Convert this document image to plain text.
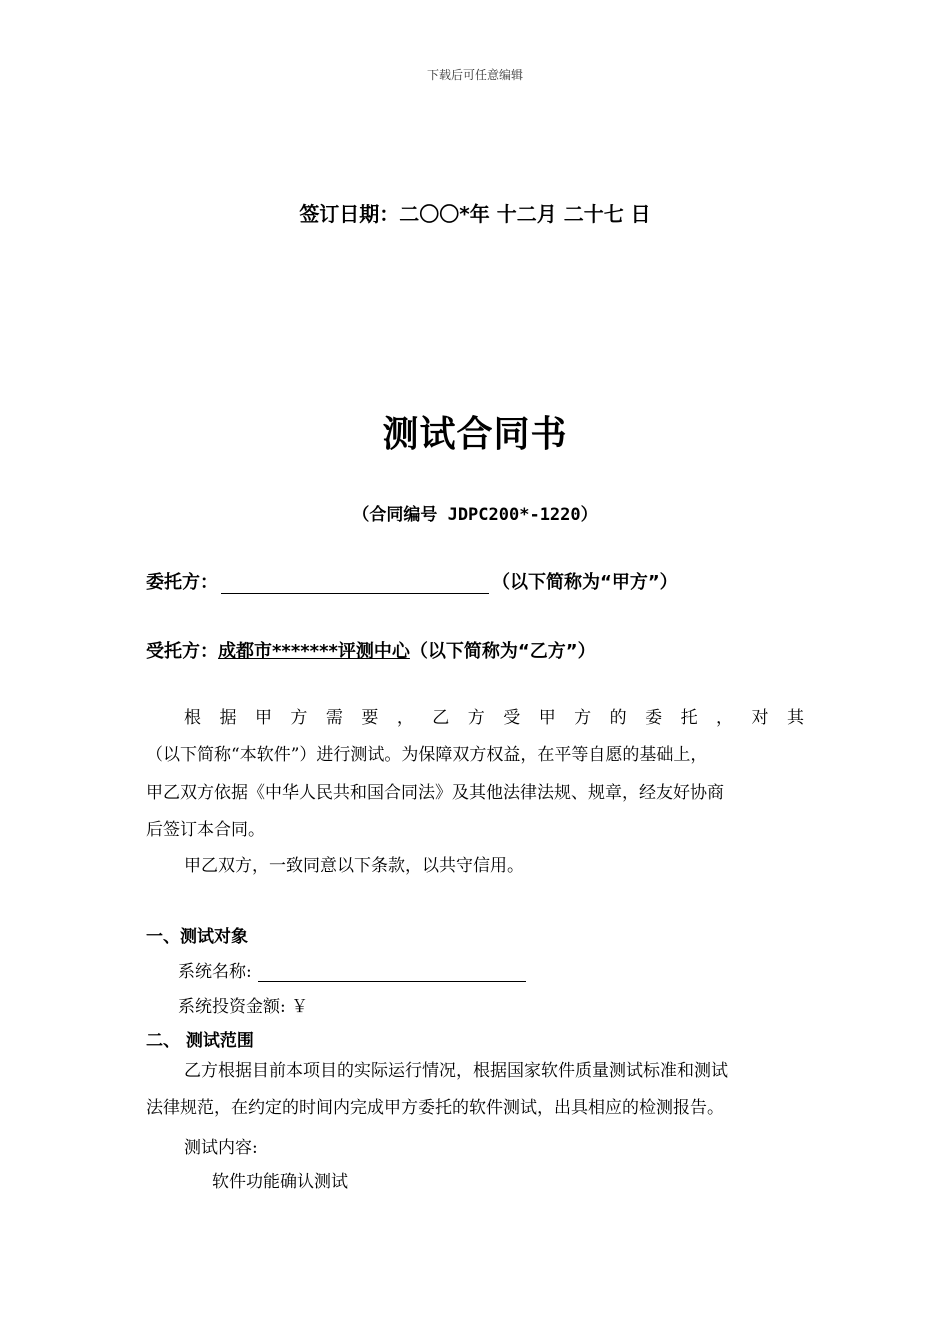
下载后可任意编辑
签订日期：二〇〇*年 十二月 二十七 日
测试合同书
（合同编号 JDPC200*-1220）
委托方：	（以下简称为“甲方”）
受托方：成都市*******评测中心（以下简称为“乙方”）
根据甲方需要，乙方受甲方的委托，对其
（以下简称“本软件”）进行测试。为保障双方权益，在平等自愿的基础上，
甲乙双方依据《中华人民共和国合同法》及其他法律法规、规章，经友好协商
后签订本合同。
甲乙双方，一致同意以下条款，以共守信用。
一、测试对象
系统名称:
系统投资金额: ￥
二、 测试范围
乙方根据目前本项目的实际运行情况，根据国家软件质量测试标准和测试
法律规范，在约定的时间内完成甲方委托的软件测试，出具相应的检测报告。
测试内容:
软件功能确认测试
